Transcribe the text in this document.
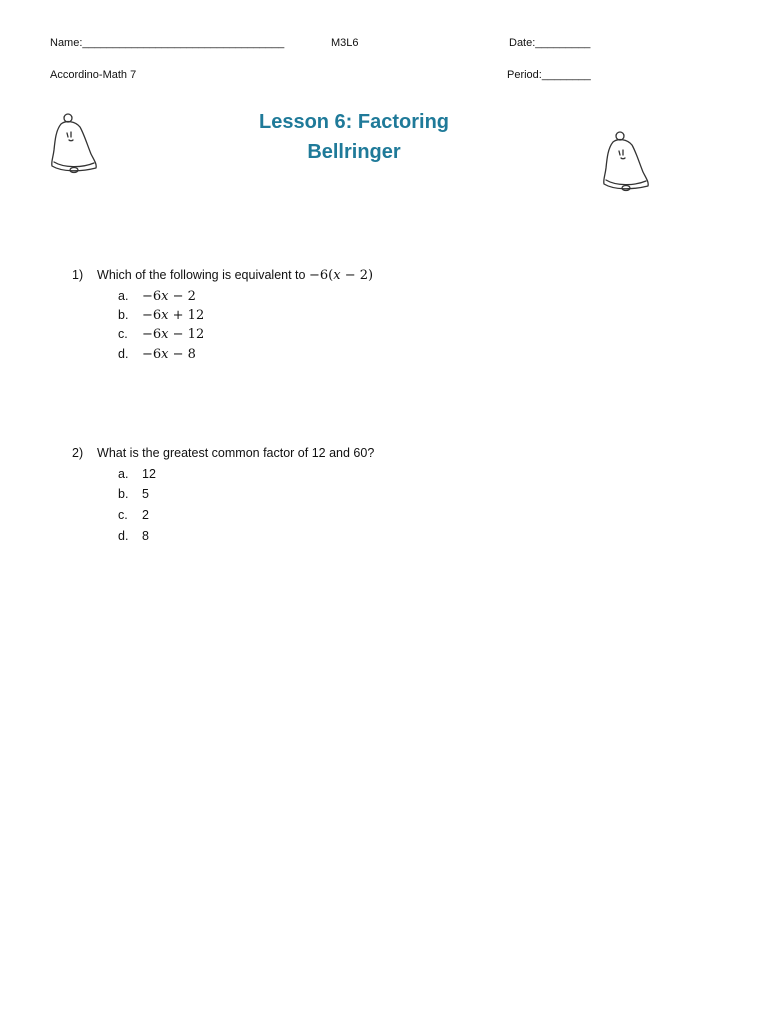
Name:_________________________________	M3L6	Date:_________
Accordino-Math 7	Period:________
Lesson 6: Factoring
Bellringer
1) Which of the following is equivalent to −6(x − 2)
a. −6x − 2
b. −6x + 12
c. −6x − 12
d. −6x − 8
2) What is the greatest common factor of 12 and 60?
a. 12
b. 5
c. 2
d. 8
